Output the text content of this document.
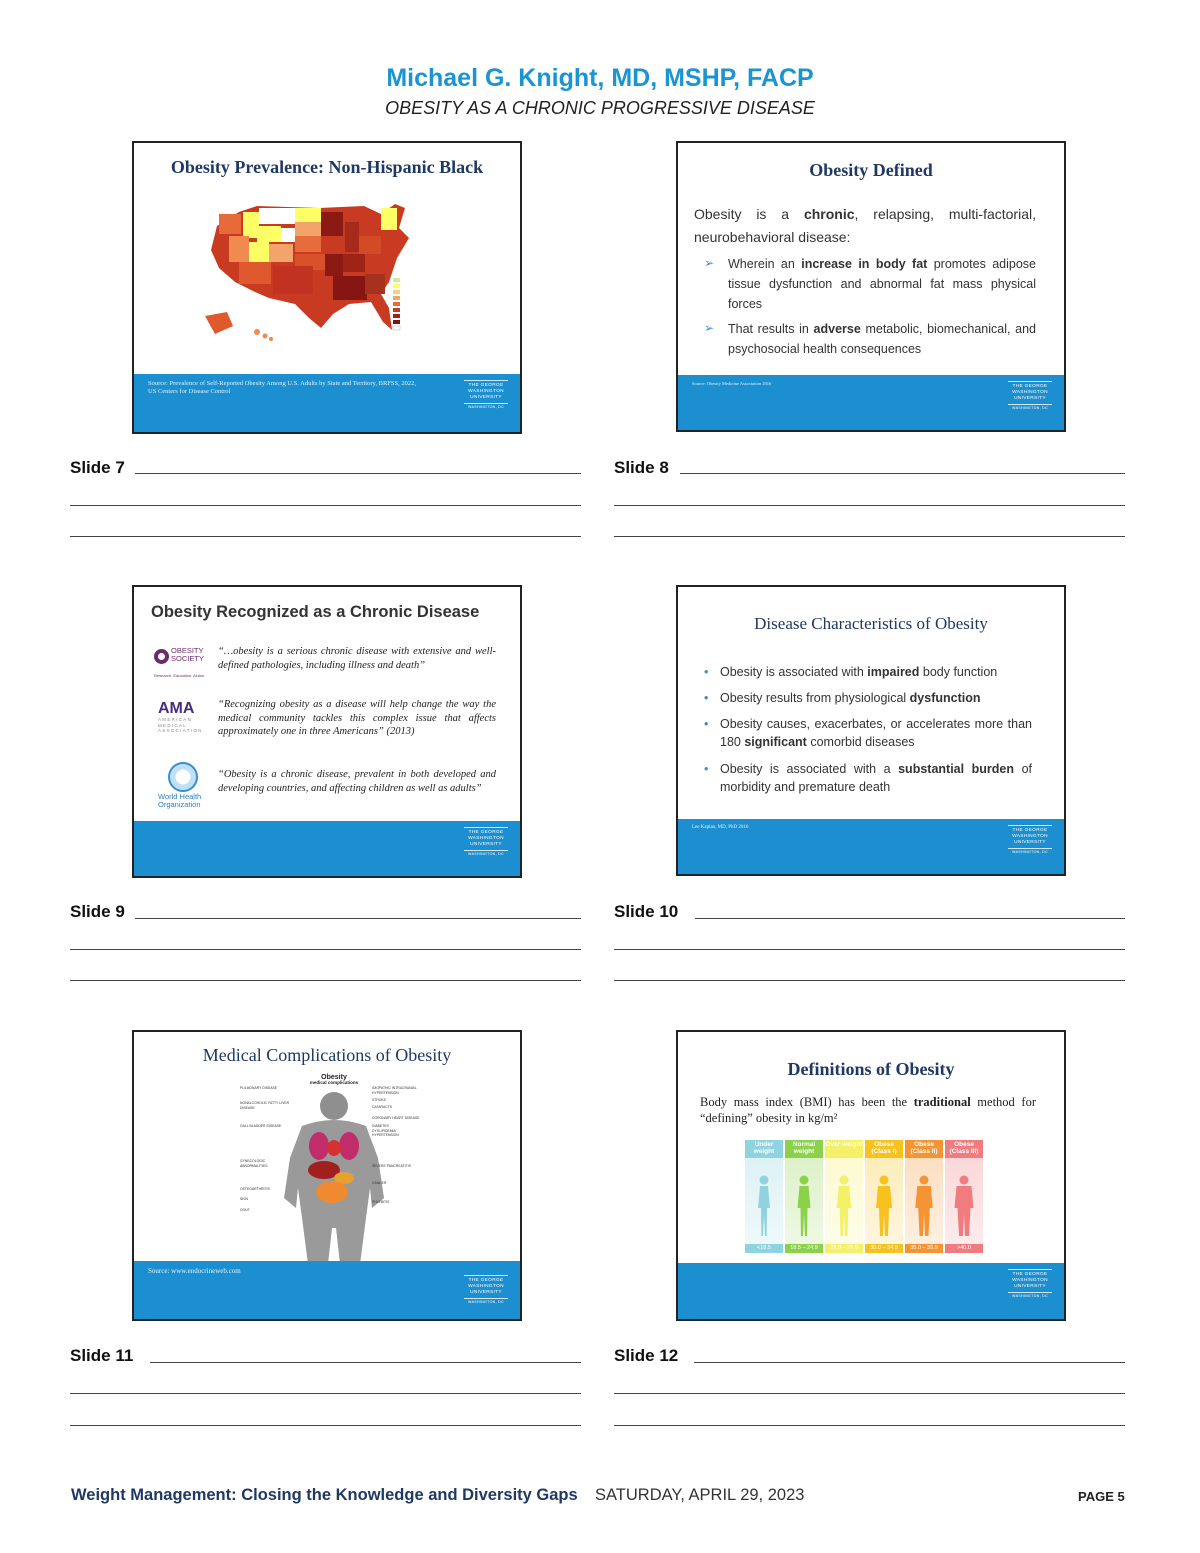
Michael G. Knight, MD, MSHP, FACP
OBESITY AS A CHRONIC PROGRESSIVE DISEASE
Obesity Prevalence: Non-Hispanic Black
Source: Prevalence of Self-Reported Obesity Among U.S. Adults by State and Territory, BRFSS, 2022, US Centers for Disease Control
THE GEORGE
WASHINGTON
UNIVERSITY
WASHINGTON, DC
Slide 7
Obesity Defined
Obesity is a chronic, relapsing, multi-factorial, neurobehavioral disease:
➢ Wherein an increase in body fat promotes adipose tissue dysfunction and abnormal fat mass physical forces
➢ That results in adverse metabolic, biomechanical, and psychosocial health consequences
Source: Obesity Medicine Association 2016
THE GEORGE
WASHINGTON
UNIVERSITY
WASHINGTON, DC
Slide 8
Obesity Recognized as a Chronic Disease
OBESITY
SOCIETY
Research. Education. Action.
“…obesity is a serious chronic disease with extensive and well-defined pathologies, including illness and death”
AMA
AMERICAN
MEDICAL
ASSOCIATION
“Recognizing obesity as a disease will help change the way the medical community tackles this complex issue that affects approximately one in three Americans” (2013)
World Health
Organization
“Obesity is a chronic disease, prevalent in both developed and developing countries, and affecting children as well as adults”
THE GEORGE
WASHINGTON
UNIVERSITY
WASHINGTON, DC
Slide 9
Disease Characteristics of Obesity
• Obesity is associated with impaired body function
• Obesity results from physiological dysfunction
• Obesity causes, exacerbates, or accelerates more than 180 significant comorbid diseases
• Obesity is associated with a substantial burden of morbidity and premature death
Lee Kaplan, MD, PhD 2016
THE GEORGE
WASHINGTON
UNIVERSITY
WASHINGTON, DC
Slide 10
Medical Complications of Obesity
Obesity
medical complications
PULMONARY DISEASE
NONALCOHOLIC FATTY LIVER DISEASE
GALL BLADDER DISEASE
GYNECOLOGIC ABNORMALITIES
OSTEOARTHRITIS
SKIN
GOUT
IDIOPATHIC INTRACRANIAL HYPERTENSION
STROKE
CATARACTS
CORONARY HEART DISEASE
DIABETES
DYSLIPIDEMIA
HYPERTENSION
SEVERE PANCREATITIS
CANCER
PHLEBITIS
Source: www.endocrineweb.com
THE GEORGE
WASHINGTON
UNIVERSITY
WASHINGTON, DC
Slide 11
Definitions of Obesity
Body mass index (BMI) has been the traditional method for “defining” obesity in kg/m²
Under weight
<18.5
Normal weight
18.5 – 24.9
Over weight
25.0 – 29.9
Obese (Class I)
30.0 – 34.9
Obese (Class II)
35.0 – 39.9
Obese (Class III)
>40.0
THE GEORGE
WASHINGTON
UNIVERSITY
WASHINGTON, DC
Slide 12
Weight Management: Closing the Knowledge and Diversity Gaps SATURDAY, APRIL 29, 2023	PAGE 5
